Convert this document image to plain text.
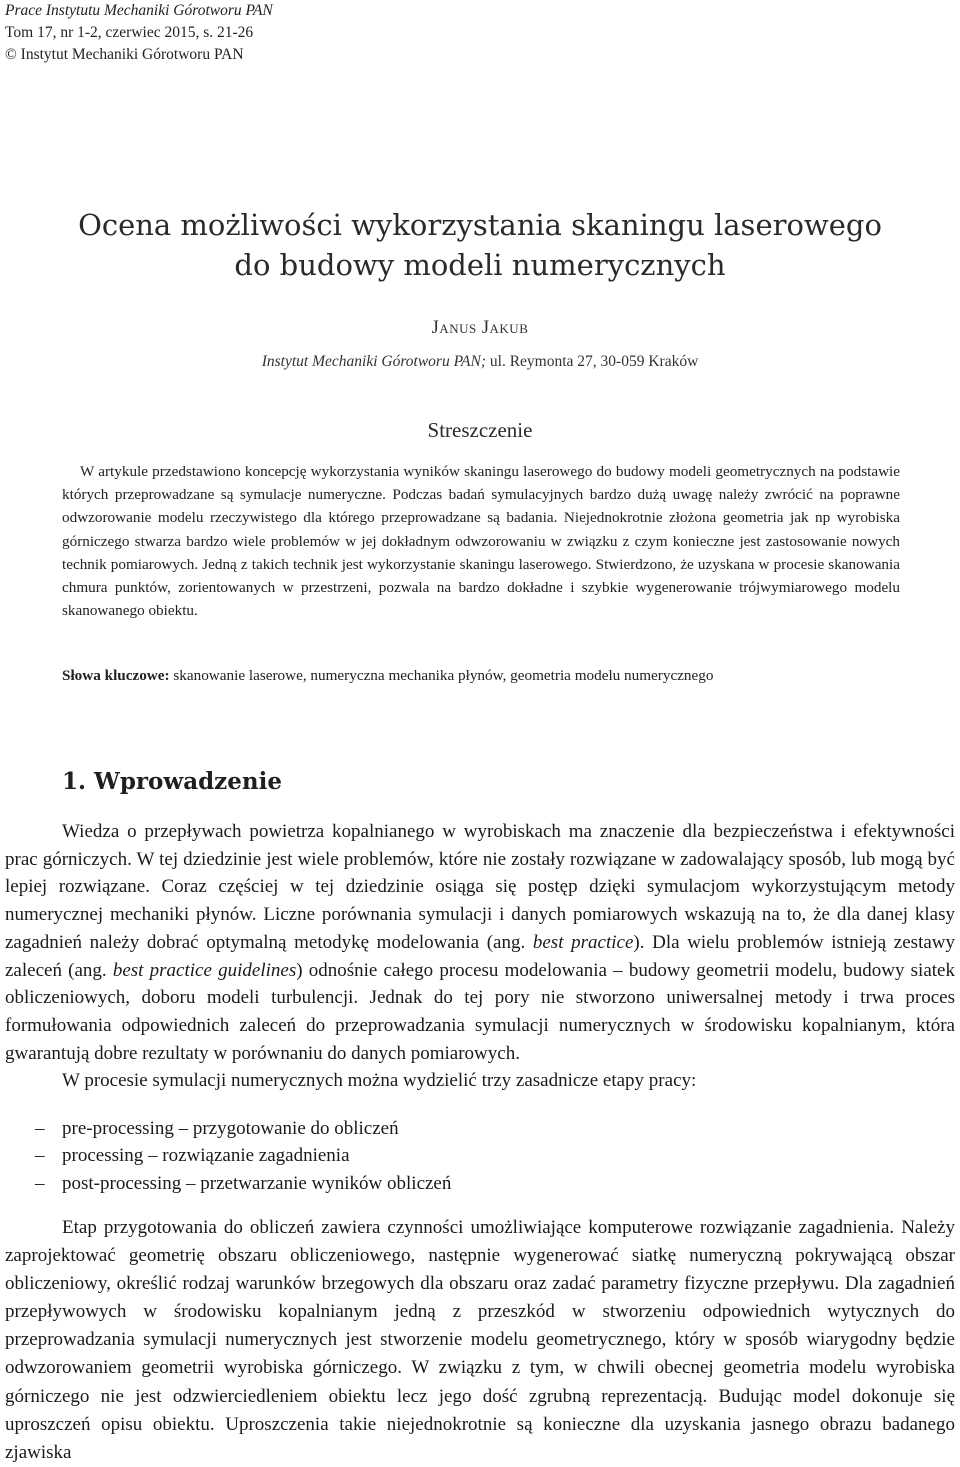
Prace Instytutu Mechaniki Górotworu PAN
Tom 17, nr 1-2, czerwiec 2015, s. 21-26
© Instytut Mechaniki Górotworu PAN
Ocena możliwości wykorzystania skaningu laserowego
do budowy modeli numerycznych
Janus Jakub
Instytut Mechaniki Górotworu PAN; ul. Reymonta 27, 30-059 Kraków
Streszczenie
W artykule przedstawiono koncepcję wykorzystania wyników skaningu laserowego do budowy modeli geometrycznych na podstawie których przeprowadzane są symulacje numeryczne. Podczas badań symulacyjnych bardzo dużą uwagę należy zwrócić na poprawne odwzorowanie modelu rzeczywistego dla którego przeprowadzane są badania. Niejednokrotnie złożona geometria jak np wyrobiska górniczego stwarza bardzo wiele problemów w jej dokładnym odwzorowaniu w związku z czym konieczne jest zastosowanie nowych technik pomiarowych. Jedną z takich technik jest wykorzystanie skaningu laserowego. Stwierdzono, że uzyskana w procesie skanowania chmura punktów, zorientowanych w przestrzeni, pozwala na bardzo dokładne i szybkie wygenerowanie trójwymiarowego modelu skanowanego obiektu.
Słowa kluczowe: skanowanie laserowe, numeryczna mechanika płynów, geometria modelu numerycznego
1. Wprowadzenie

Wiedza o przepływach powietrza kopalnianego w wyrobiskach ma znaczenie dla bezpieczeństwa i efektywności prac górniczych. W tej dziedzinie jest wiele problemów, które nie zostały rozwiązane w zadowalający sposób, lub mogą być lepiej rozwiązane. Coraz częściej w tej dziedzinie osiąga się postęp dzięki symulacjom wykorzystującym metody numerycznej mechaniki płynów. Liczne porównania symulacji i danych pomiarowych wskazują na to, że dla danej klasy zagadnień należy dobrać optymalną metodykę modelowania (ang. best practice). Dla wielu problemów istnieją zestawy zaleceń (ang. best practice guidelines) odnośnie całego procesu modelowania – budowy geometrii modelu, budowy siatek obliczeniowych, doboru modeli turbulencji. Jednak do tej pory nie stworzono uniwersalnej metody i trwa proces formułowania odpowiednich zaleceń do przeprowadzania symulacji numerycznych w środowisku kopalnianym, która gwarantują dobre rezultaty w porównaniu do danych pomiarowych.

W procesie symulacji numerycznych można wydzielić trzy zasadnicze etapy pracy:

– pre-processing – przygotowanie do obliczeń
– processing – rozwiązanie zagadnienia
– post-processing – przetwarzanie wyników obliczeń

Etap przygotowania do obliczeń zawiera czynności umożliwiające komputerowe rozwiązanie zagadnienia. Należy zaprojektować geometrię obszaru obliczeniowego, następnie wygenerować siatkę numeryczną pokrywającą obszar obliczeniowy, określić rodzaj warunków brzegowych dla obszaru oraz zadać parametry fizyczne przepływu. Dla zagadnień przepływowych w środowisku kopalnianym jedną z przeszkód w stworzeniu odpowiednich wytycznych do przeprowadzania symulacji numerycznych jest stworzenie modelu geometrycznego, który w sposób wiarygodny będzie odwzorowaniem geometrii wyrobiska górniczego. W związku z tym, w chwili obecnej geometria modelu wyrobiska górniczego nie jest odzwierciedleniem obiektu lecz jego dość zgrubną reprezentacją. Budując model dokonuje się uproszczeń opisu obiektu. Uproszczenia takie niejednokrotnie są konieczne dla uzyskania jasnego obrazu badanego zjawiska
